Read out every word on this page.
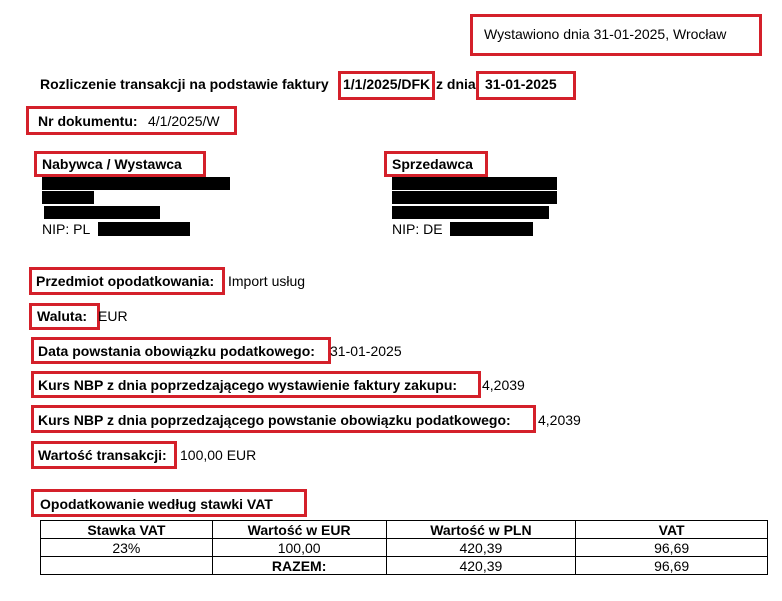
Wystawiono dnia 31-01-2025, Wrocław
Rozliczenie transakcji na podstawie faktury 1/1/2025/DFK z dnia 31-01-2025
Nr dokumentu: 4/1/2025/W
Nabywca / Wystawca
NIP: PL
Sprzedawca
NIP: DE
Przedmiot opodatkowania: Import usług
Waluta: EUR
Data powstania obowiązku podatkowego: 31-01-2025
Kurs NBP z dnia poprzedzającego wystawienie faktury zakupu: 4,2039
Kurs NBP z dnia poprzedzającego powstanie obowiązku podatkowego: 4,2039
Wartość transakcji: 100,00 EUR
Opodatkowanie według stawki VAT
Stawka VAT	Wartość w EUR	Wartość w PLN	VAT
23%	100,00	420,39	96,69
	RAZEM:	420,39	96,69
